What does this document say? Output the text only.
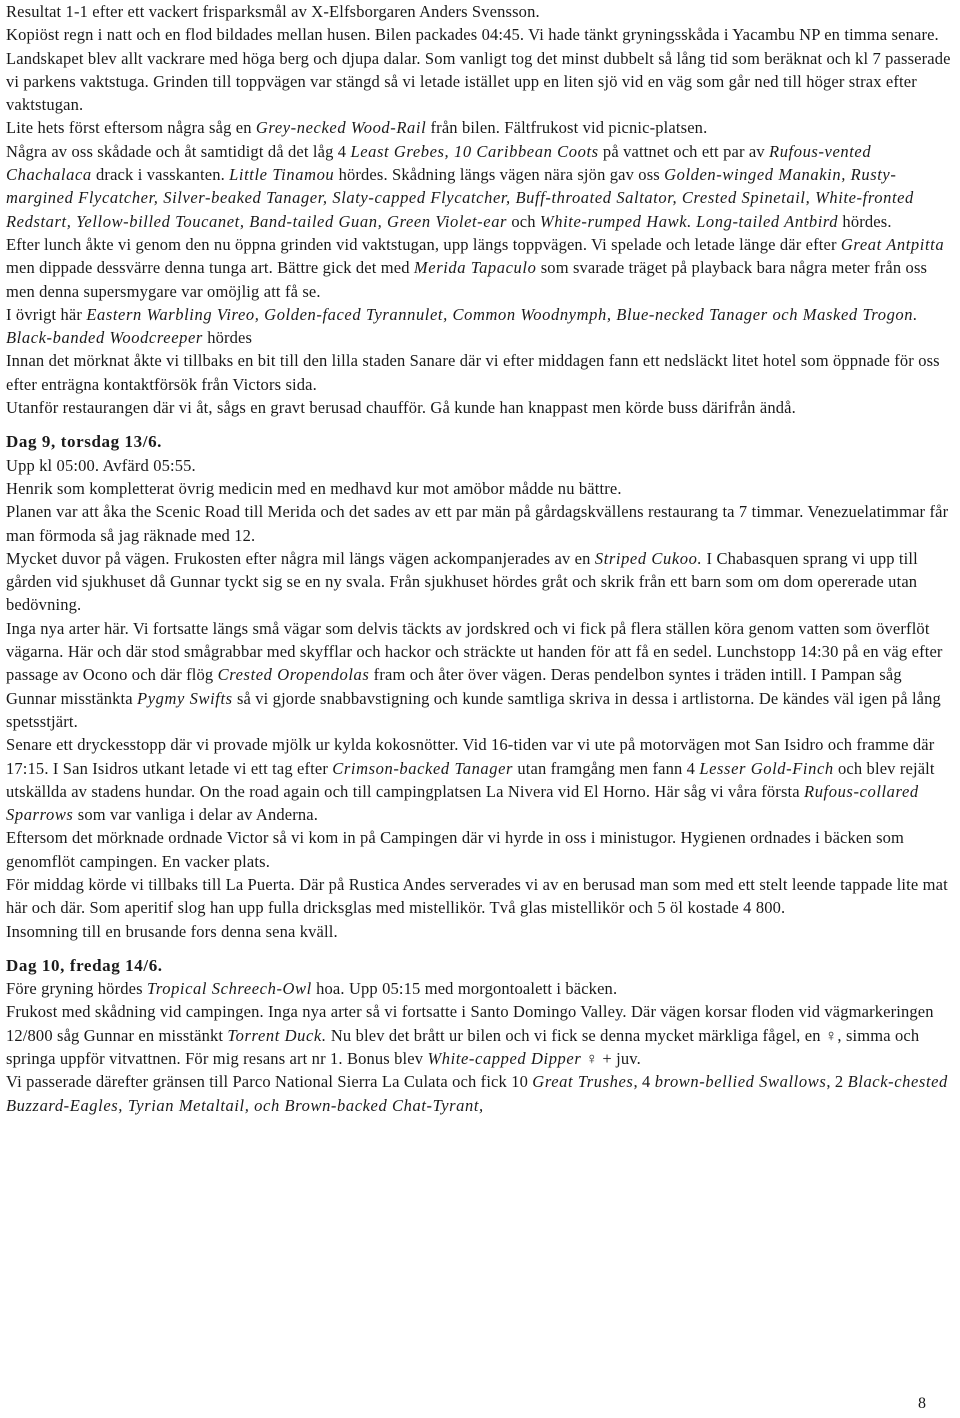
Resultat 1-1 efter ett vackert frisparksmål av X-Elfsborgaren Anders Svensson.

Kopiöst regn i natt och en flod bildades mellan husen. Bilen packades 04:45. Vi hade tänkt gryningsskåda i Yacambu NP en timma senare. Landskapet blev allt vackrare med höga berg och djupa dalar. Som vanligt tog det minst dubbelt så lång tid som beräknat och kl 7 passerade vi parkens vaktstuga. Grinden till toppvägen var stängd så vi letade istället upp en liten sjö vid en väg som går ned till höger strax efter vaktstugan.

Lite hets först eftersom några såg en Grey-necked Wood-Rail från bilen. Fältfrukost vid picnic-platsen.

Några av oss skådade och åt samtidigt då det låg 4 Least Grebes, 10 Caribbean Coots på vattnet och ett par av Rufous-vented Chachalaca drack i vasskanten. Little Tinamou hördes. Skådning längs vägen nära sjön gav oss Golden-winged Manakin, Rusty-margined Flycatcher, Silver-beaked Tanager, Slaty-capped Flycatcher, Buff-throated Saltator, Crested Spinetail, White-fronted Redstart, Yellow-billed Toucanet, Band-tailed Guan, Green Violet-ear och White-rumped Hawk. Long-tailed Antbird hördes.

Efter lunch åkte vi genom den nu öppna grinden vid vaktstugan, upp längs toppvägen. Vi spelade och letade länge där efter Great Antpitta men dippade dessvärre denna tunga art. Bättre gick det med Merida Tapaculo som svarade träget på playback bara några meter från oss men denna supersmygare var omöjlig att få se.

I övrigt här Eastern Warbling Vireo, Golden-faced Tyrannulet, Common Woodnymph, Blue-necked Tanager och Masked Trogon. Black-banded Woodcreeper hördes

Innan det mörknat åkte vi tillbaks en bit till den lilla staden Sanare där vi efter middagen fann ett nedsläckt litet hotel som öppnade för oss efter enträgna kontaktförsök från Victors sida.

Utanför restaurangen där vi åt, sågs en gravt berusad chaufför. Gå kunde han knappast men körde buss därifrån ändå.

Dag 9, torsdag 13/6.

Upp kl 05:00. Avfärd 05:55.

Henrik som kompletterat övrig medicin med en medhavd kur mot amöbor mådde nu bättre.

Planen var att åka the Scenic Road till Merida och det sades av ett par män på gårdagskvällens restaurang ta 7 timmar. Venezuelatimmar får man förmoda så jag räknade med 12.

Mycket duvor på vägen. Frukosten efter några mil längs vägen ackompanjerades av en Striped Cukoo. I Chabasquen sprang vi upp till gården vid sjukhuset då Gunnar tyckt sig se en ny svala. Från sjukhuset hördes gråt och skrik från ett barn som om dom opererade utan bedövning.

Inga nya arter här. Vi fortsatte längs små vägar som delvis täckts av jordskred och vi fick på flera ställen köra genom vatten som överflöt vägarna. Här och där stod smågrabbar med skyfflar och hackor och sträckte ut handen för att få en sedel. Lunchstopp 14:30 på en väg efter passage av Ocono och där flög Crested Oropendolas fram och åter över vägen. Deras pendelbon syntes i träden intill. I Pampan såg Gunnar misstänkta Pygmy Swifts så vi gjorde snabbavstigning och kunde samtliga skriva in dessa i artlistorna. De kändes väl igen på lång spetsstjärt.

Senare ett dryckesstopp där vi provade mjölk ur kylda kokosnötter. Vid 16-tiden var vi ute på motorvägen mot San Isidro och framme där 17:15. I San Isidros utkant letade vi ett tag efter Crimson-backed Tanager utan framgång men fann 4 Lesser Gold-Finch och blev rejält utskällda av stadens hundar. On the road again och till campingplatsen La Nivera vid El Horno. Här såg vi våra första Rufous-collared Sparrows som var vanliga i delar av Anderna.

Eftersom det mörknade ordnade Victor så vi kom in på Campingen där vi hyrde in oss i ministugor. Hygienen ordnades i bäcken som genomflöt campingen. En vacker plats.

För middag körde vi tillbaks till La Puerta. Där på Rustica Andes serverades vi av en berusad man som med ett stelt leende tappade lite mat här och där. Som aperitif slog han upp fulla dricksglas med mistellikör. Två glas mistellikör och 5 öl kostade 4 800.

Insomning till en brusande fors denna sena kväll.

Dag 10, fredag 14/6.

Före gryning hördes Tropical Schreech-Owl hoa. Upp 05:15 med morgontoalett i bäcken.

Frukost med skådning vid campingen. Inga nya arter så vi fortsatte i Santo Domingo Valley. Där vägen korsar floden vid vägmarkeringen 12/800 såg Gunnar en misstänkt Torrent Duck. Nu blev det brått ur bilen och vi fick se denna mycket märkliga fågel, en ♀, simma och springa uppför vitvattnen. För mig resans art nr 1. Bonus blev White-capped Dipper ♀ + juv.

Vi passerade därefter gränsen till Parco National Sierra La Culata och fick 10 Great Trushes, 4 brown-bellied Swallows, 2 Black-chested Buzzard-Eagles, Tyrian Metaltail, och Brown-backed Chat-Tyrant,

8
